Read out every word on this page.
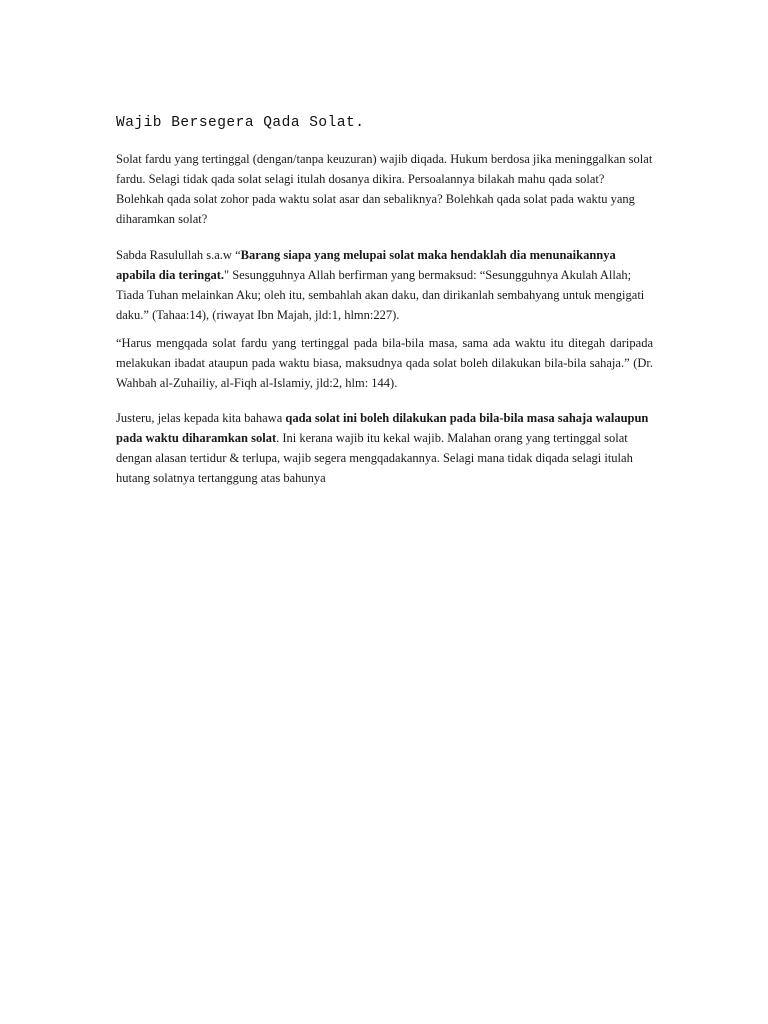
Wajib Bersegera Qada Solat.

Solat fardu yang tertinggal (dengan/tanpa keuzuran) wajib diqada. Hukum berdosa jika meninggalkan solat fardu. Selagi tidak qada solat selagi itulah dosanya dikira. Persoalannya bilakah mahu qada solat? Bolehkah qada solat zohor pada waktu solat asar dan sebaliknya? Bolehkah qada solat pada waktu yang diharamkan solat?

Sabda Rasulullah s.a.w “Barang siapa yang melupai solat maka hendaklah dia menunaikannya apabila dia teringat." Sesungguhnya Allah berfirman yang bermaksud: “Sesungguhnya Akulah Allah; Tiada Tuhan melainkan Aku; oleh itu, sembahlah akan daku, dan dirikanlah sembahyang untuk mengigati daku.” (Tahaa:14), (riwayat Ibn Majah, jld:1, hlmn:227).

“Harus mengqada solat fardu yang tertinggal pada bila-bila masa, sama ada waktu itu ditegah daripada melakukan ibadat ataupun pada waktu biasa, maksudnya qada solat boleh dilakukan bila-bila sahaja.” (Dr. Wahbah al-Zuhailiy, al-Fiqh al-Islamiy, jld:2, hlm: 144).

Justeru, jelas kepada kita bahawa qada solat ini boleh dilakukan pada bila-bila masa sahaja walaupun pada waktu diharamkan solat. Ini kerana wajib itu kekal wajib. Malahan orang yang tertinggal solat dengan alasan tertidur & terlupa, wajib segera mengqadakannya. Selagi mana tidak diqada selagi itulah hutang solatnya tertanggung atas bahunya
